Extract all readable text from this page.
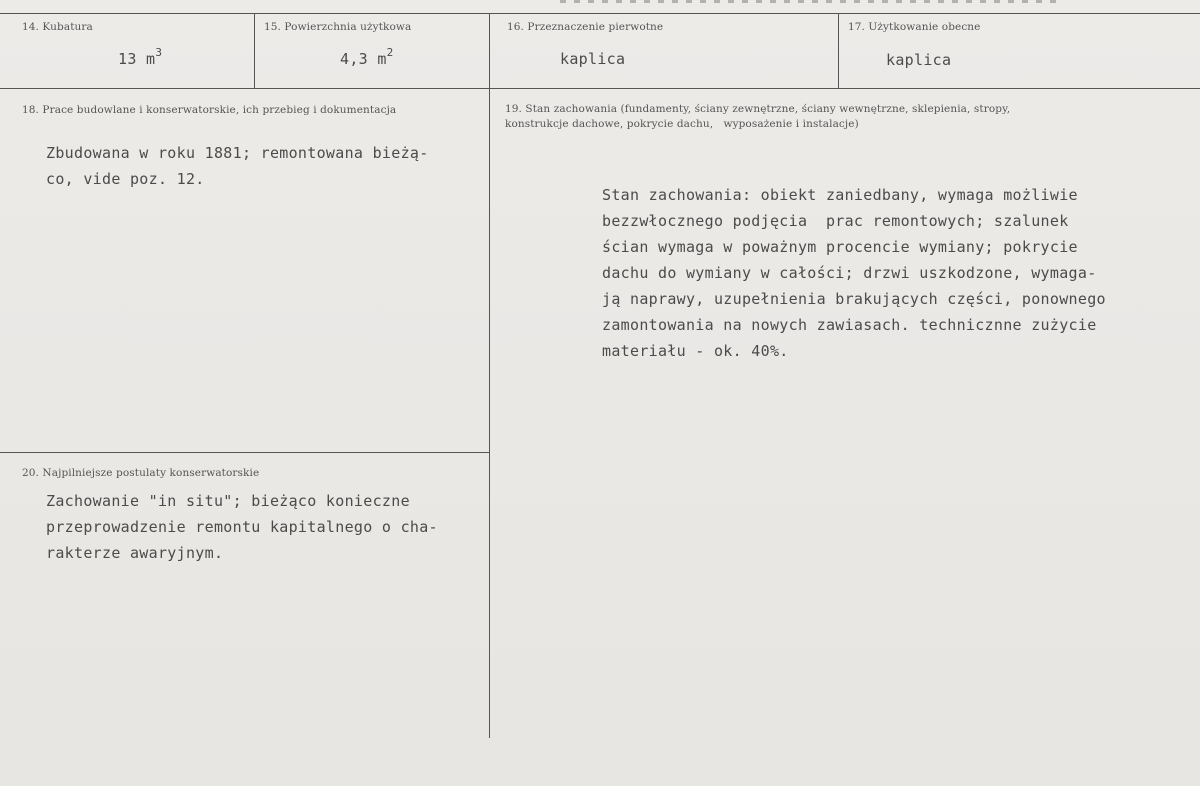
14. Kubatura
13 $m^3$
15. Powierzchnia użytkowa
4,3 $m^2$
16. Przeznaczenie pierwotne
kaplica
17. Użytkowanie obecne
kaplica
18. Prace budowlane i konserwatorskie, ich przebieg i dokumentacja
Zbudowana w roku 1881; remontowana bieżą-
co, vide poz. 12.
19. Stan zachowania (fundamenty, ściany zewnętrzne, ściany wewnętrzne, sklepienia, stropy,
konstrukcje dachowe, pokrycie dachu,   wyposażenie i instalacje)
Stan zachowania: obiekt zaniedbany, wymaga możliwie
bezzwłocznego podjęcia  prac remontowych; szalunek
ścian wymaga w poważnym procencie wymiany; pokrycie
dachu do wymiany w całości; drzwi uszkodzone, wymaga-
ją naprawy, uzupełnienia brakujących części, ponownego
zamontowania na nowych zawiasach. technicznne zużycie
materiału - ok. 40%.
20. Najpilniejsze postulaty konserwatorskie
Zachowanie "in situ"; bieżąco konieczne
przeprowadzenie remontu kapitalnego o cha-
rakterze awaryjnym.
